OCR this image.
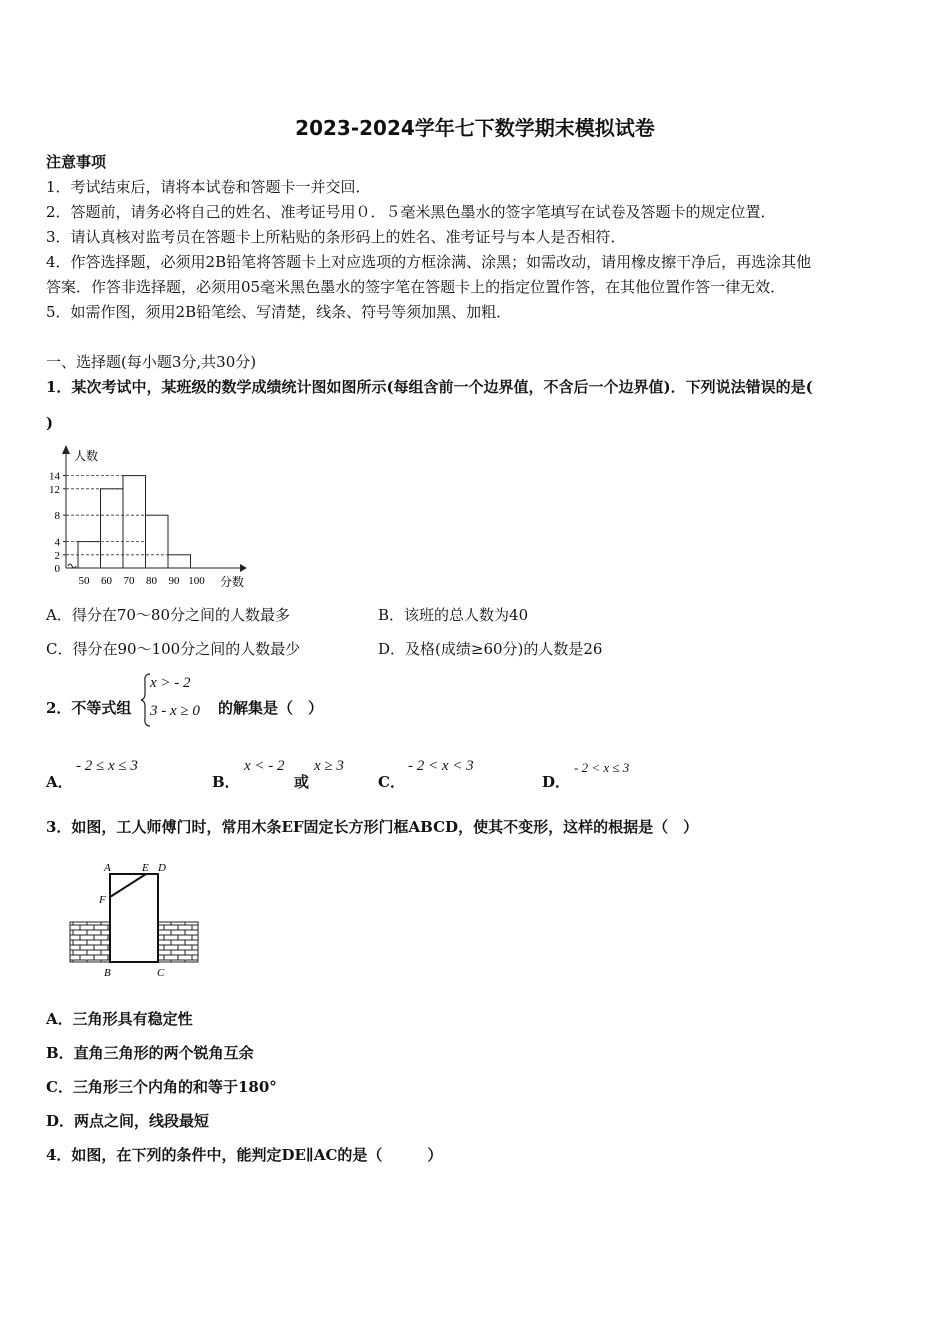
2023-2024学年七下数学期末模拟试卷
注意事项
1．考试结束后，请将本试卷和答题卡一并交回．
2．答题前，请务必将自己的姓名、准考证号用０．５毫米黑色墨水的签字笔填写在试卷及答题卡的规定位置．
3．请认真核对监考员在答题卡上所粘贴的条形码上的姓名、准考证号与本人是否相符．
4．作答选择题，必须用2B铅笔将答题卡上对应选项的方框涂满、涂黑；如需改动，请用橡皮擦干净后，再选涂其他
答案．作答非选择题，必须用05毫米黑色墨水的签字笔在答题卡上的指定位置作答，在其他位置作答一律无效．
5．如需作图，须用2B铅笔绘、写清楚，线条、符号等须加黑、加粗．
一、选择题(每小题3分,共30分)
1．某次考试中，某班级的数学成绩统计图如图所示(每组含前一个边界值，不含后一个边界值)．下列说法错误的是(
)
0
2
4
8
12
14
50 60 70 80 90 100
人数
分数
A．得分在70～80分之间的人数最多	B．该班的总人数为40
C．得分在90～100分之间的人数最少	D．及格(成绩≥60分)的人数是26
2．不等式组
x > - 2
3 - x ≥ 0 的解集是（　）
A．
- 2 ≤ x ≤ 3
B．
x < - 2
或
x ≥ 3
C．
- 2 < x < 3
D．
- 2 < x ≤ 3
3．如图，工人师傅门时，常用木条EF固定长方形门框ABCD，使其不变形，这样的根据是（　）
A	E D
F
B	C
A．三角形具有稳定性
B．直角三角形的两个锐角互余
C．三角形三个内角的和等于180°
D．两点之间，线段最短
4．如图，在下列的条件中，能判定DE∥AC的是（　　　）
